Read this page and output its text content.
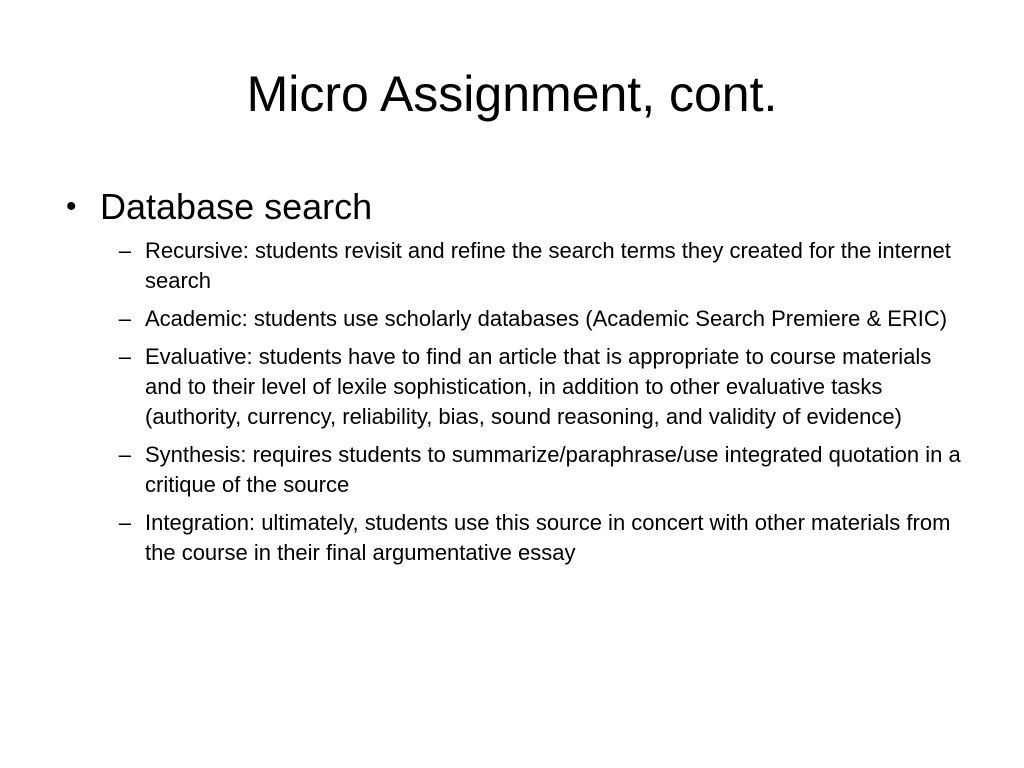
Micro Assignment, cont.
• Database search
– Recursive: students revisit and refine the search terms they created for the internet search
– Academic: students use scholarly databases (Academic Search Premiere & ERIC)
– Evaluative: students have to find an article that is appropriate to course materials and to their level of lexile sophistication, in addition to other evaluative tasks (authority, currency, reliability, bias, sound reasoning, and validity of evidence)
– Synthesis: requires students to summarize/paraphrase/use integrated quotation in a critique of the source
– Integration: ultimately, students use this source in concert with other materials from the course in their final argumentative essay
